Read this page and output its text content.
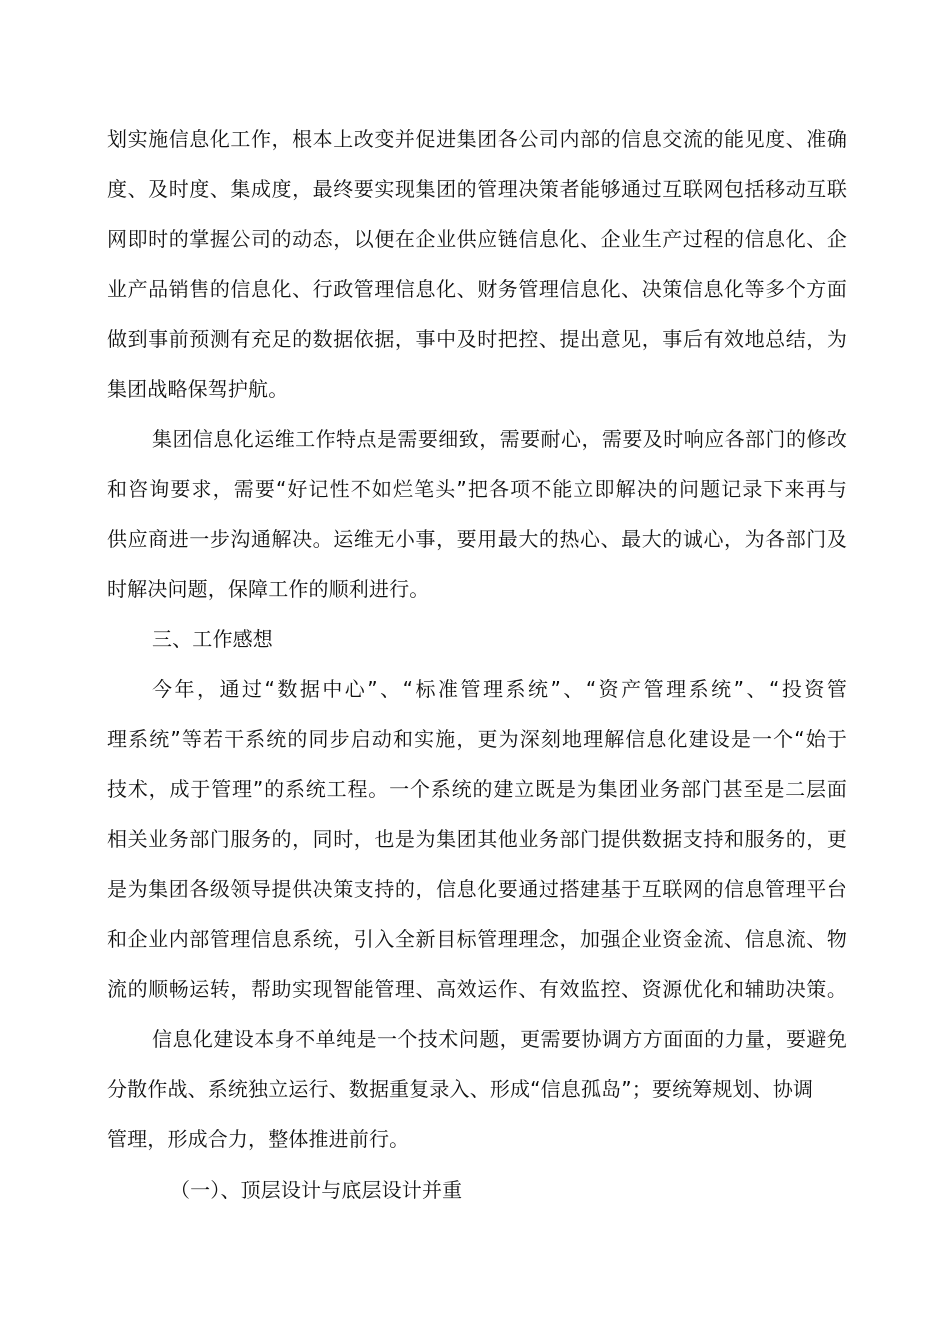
划实施信息化工作，根本上改变并促进集团各公司内部的信息交流的能见度、准确
度、及时度、集成度，最终要实现集团的管理决策者能够通过互联网包括移动互联
网即时的掌握公司的动态，以便在企业供应链信息化、企业生产过程的信息化、企
业产品销售的信息化、行政管理信息化、财务管理信息化、决策信息化等多个方面
做到事前预测有充足的数据依据，事中及时把控、提出意见，事后有效地总结，为
集团战略保驾护航。
集团信息化运维工作特点是需要细致，需要耐心，需要及时响应各部门的修改
和咨询要求，需要“好记性不如烂笔头”把各项不能立即解决的问题记录下来再与
供应商进一步沟通解决。运维无小事，要用最大的热心、最大的诚心，为各部门及
时解决问题，保障工作的顺利进行。
三、工作感想
今年，通过“数据中心”、“标准管理系统”、“资产管理系统”、“投资管
理系统”等若干系统的同步启动和实施，更为深刻地理解信息化建设是一个“始于
技术，成于管理”的系统工程。一个系统的建立既是为集团业务部门甚至是二层面
相关业务部门服务的，同时，也是为集团其他业务部门提供数据支持和服务的，更
是为集团各级领导提供决策支持的，信息化要通过搭建基于互联网的信息管理平台
和企业内部管理信息系统，引入全新目标管理理念，加强企业资金流、信息流、物
流的顺畅运转，帮助实现智能管理、高效运作、有效监控、资源优化和辅助决策。
信息化建设本身不单纯是一个技术问题，更需要协调方方面面的力量，要避免
分散作战、系统独立运行、数据重复录入、形成“信息孤岛”；要统筹规划、协调
管理，形成合力，整体推进前行。
（一）、顶层设计与底层设计并重
